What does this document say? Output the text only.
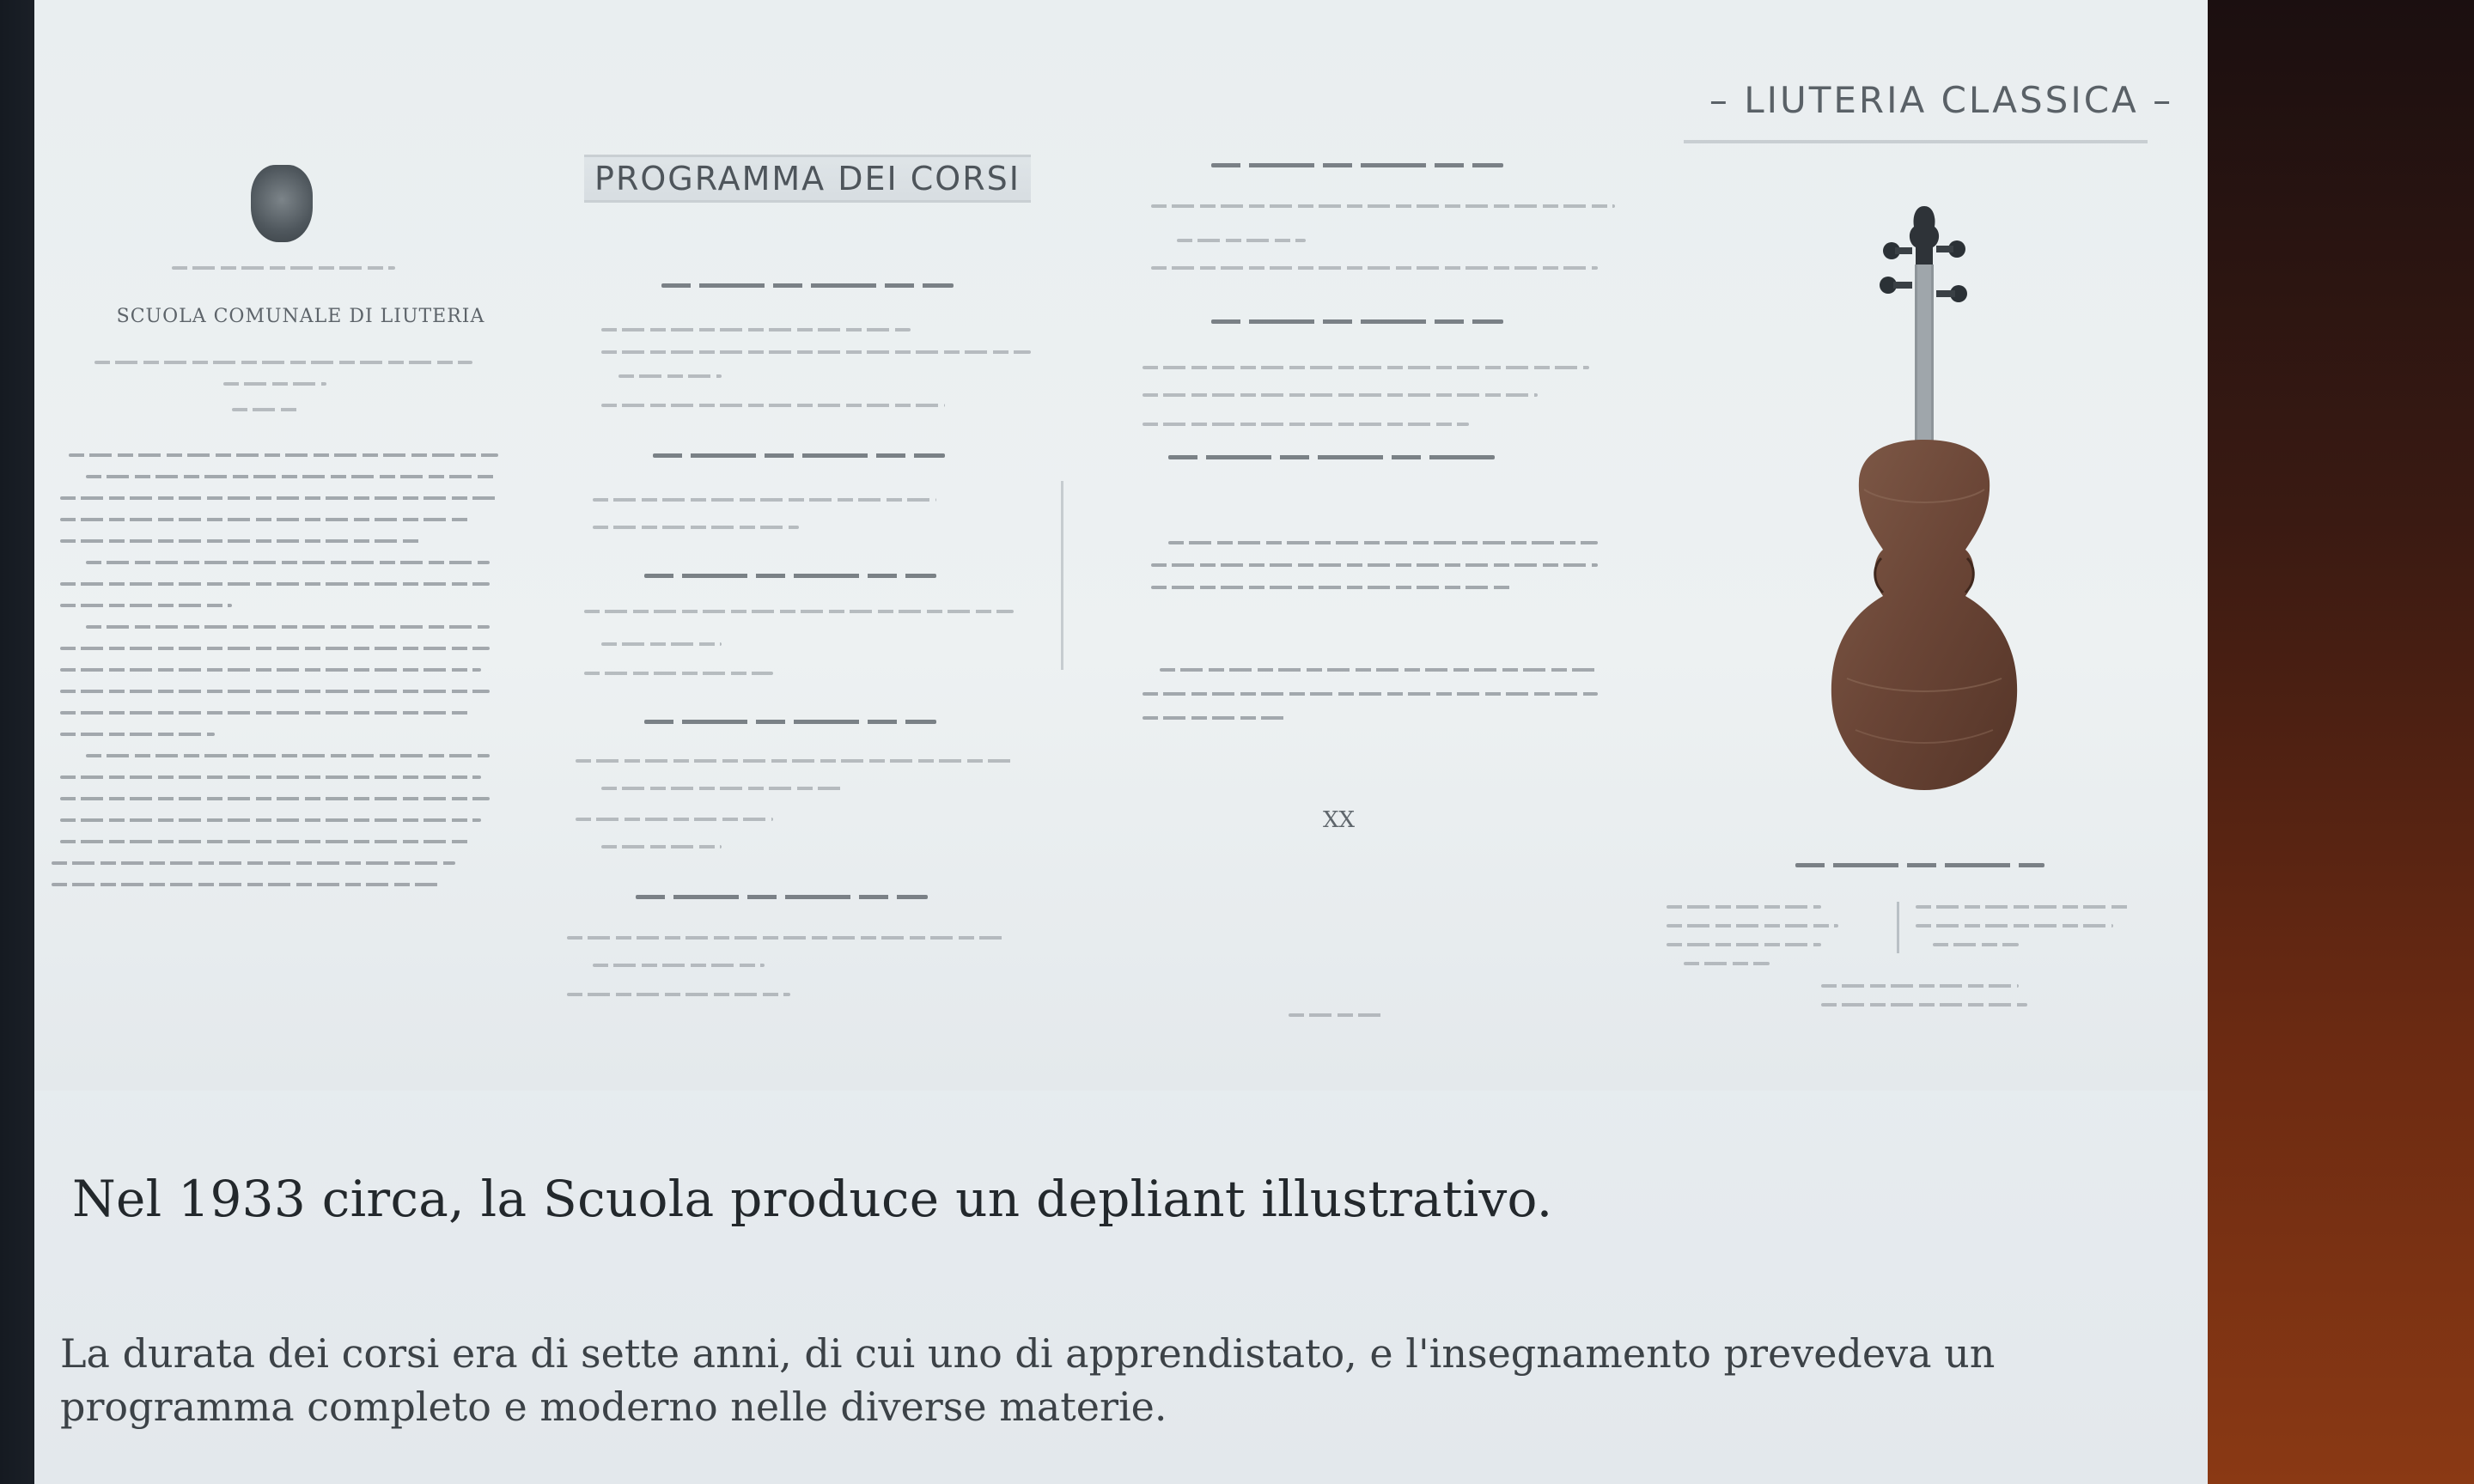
SCUOLA COMUNALE DI LIUTERIA
PROGRAMMA DEI CORSI
XX
– LIUTERIA CLASSICA –
Nel 1933 circa, la Scuola produce un depliant illustrativo.
La durata dei corsi era di sette anni, di cui uno di apprendistato, e l'insegnamento prevedeva un programma completo e moderno nelle diverse materie.
